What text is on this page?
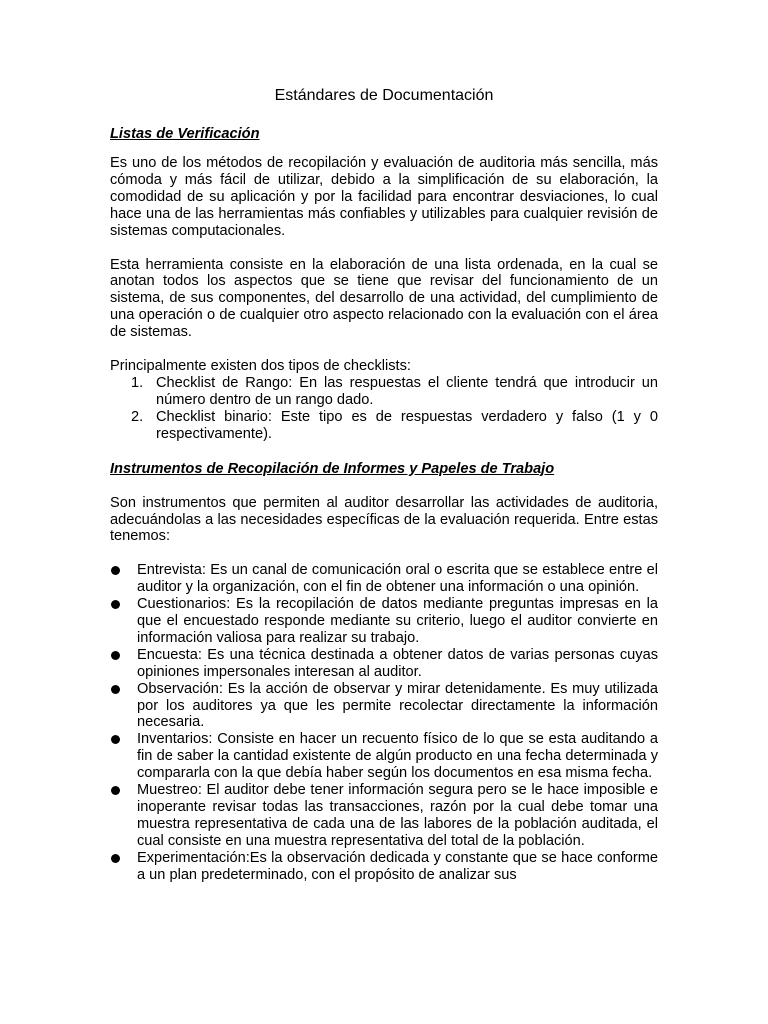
Estándares de Documentación
Listas de Verificación

Es uno de los métodos de recopilación y evaluación de auditoria más sencilla, más cómoda y más fácil de utilizar, debido a la simplificación de su elaboración, la comodidad de su aplicación y por la facilidad para encontrar desviaciones, lo cual hace una de las herramientas más confiables y utilizables para cualquier revisión de sistemas computacionales.

Esta herramienta consiste en la elaboración de una lista ordenada, en la cual se anotan todos los aspectos que se tiene que revisar del funcionamiento de un sistema, de sus componentes, del desarrollo de una actividad, del cumplimiento de una operación o de cualquier otro aspecto relacionado con la evaluación con el área de sistemas.

Principalmente existen dos tipos de checklists:

1. Checklist de Rango: En las respuestas el cliente tendrá que introducir un número dentro de un rango dado.
2. Checklist binario: Este tipo es de respuestas verdadero y falso (1 y 0 respectivamente).
Instrumentos de Recopilación de Informes y Papeles de Trabajo

Son instrumentos que permiten al auditor desarrollar las actividades de auditoria, adecuándolas a las necesidades específicas de la evaluación requerida. Entre estas tenemos:

Entrevista: Es un canal de comunicación oral o escrita que se establece entre el auditor y la organización, con el fin de obtener una información o una opinión.
Cuestionarios: Es la recopilación de datos mediante preguntas impresas en la que el encuestado responde mediante su criterio, luego el auditor convierte en información valiosa para realizar su trabajo.
Encuesta: Es una técnica destinada a obtener datos de varias personas cuyas opiniones impersonales interesan al auditor.
Observación: Es la acción de observar y mirar detenidamente. Es muy utilizada por los auditores ya que les permite recolectar directamente la información necesaria.
Inventarios: Consiste en hacer un recuento físico de lo que se esta auditando a fin de saber la cantidad existente de algún producto en una fecha determinada y compararla con la que debía haber según los documentos en esa misma fecha.
Muestreo: El auditor debe tener información segura pero se le hace imposible e inoperante revisar todas las transacciones, razón por la cual debe tomar una muestra representativa de cada una de las labores de la población auditada, el cual consiste en una muestra representativa del total de la población.
Experimentación:Es la observación dedicada y constante que se hace conforme a un plan predeterminado, con el propósito de analizar sus
